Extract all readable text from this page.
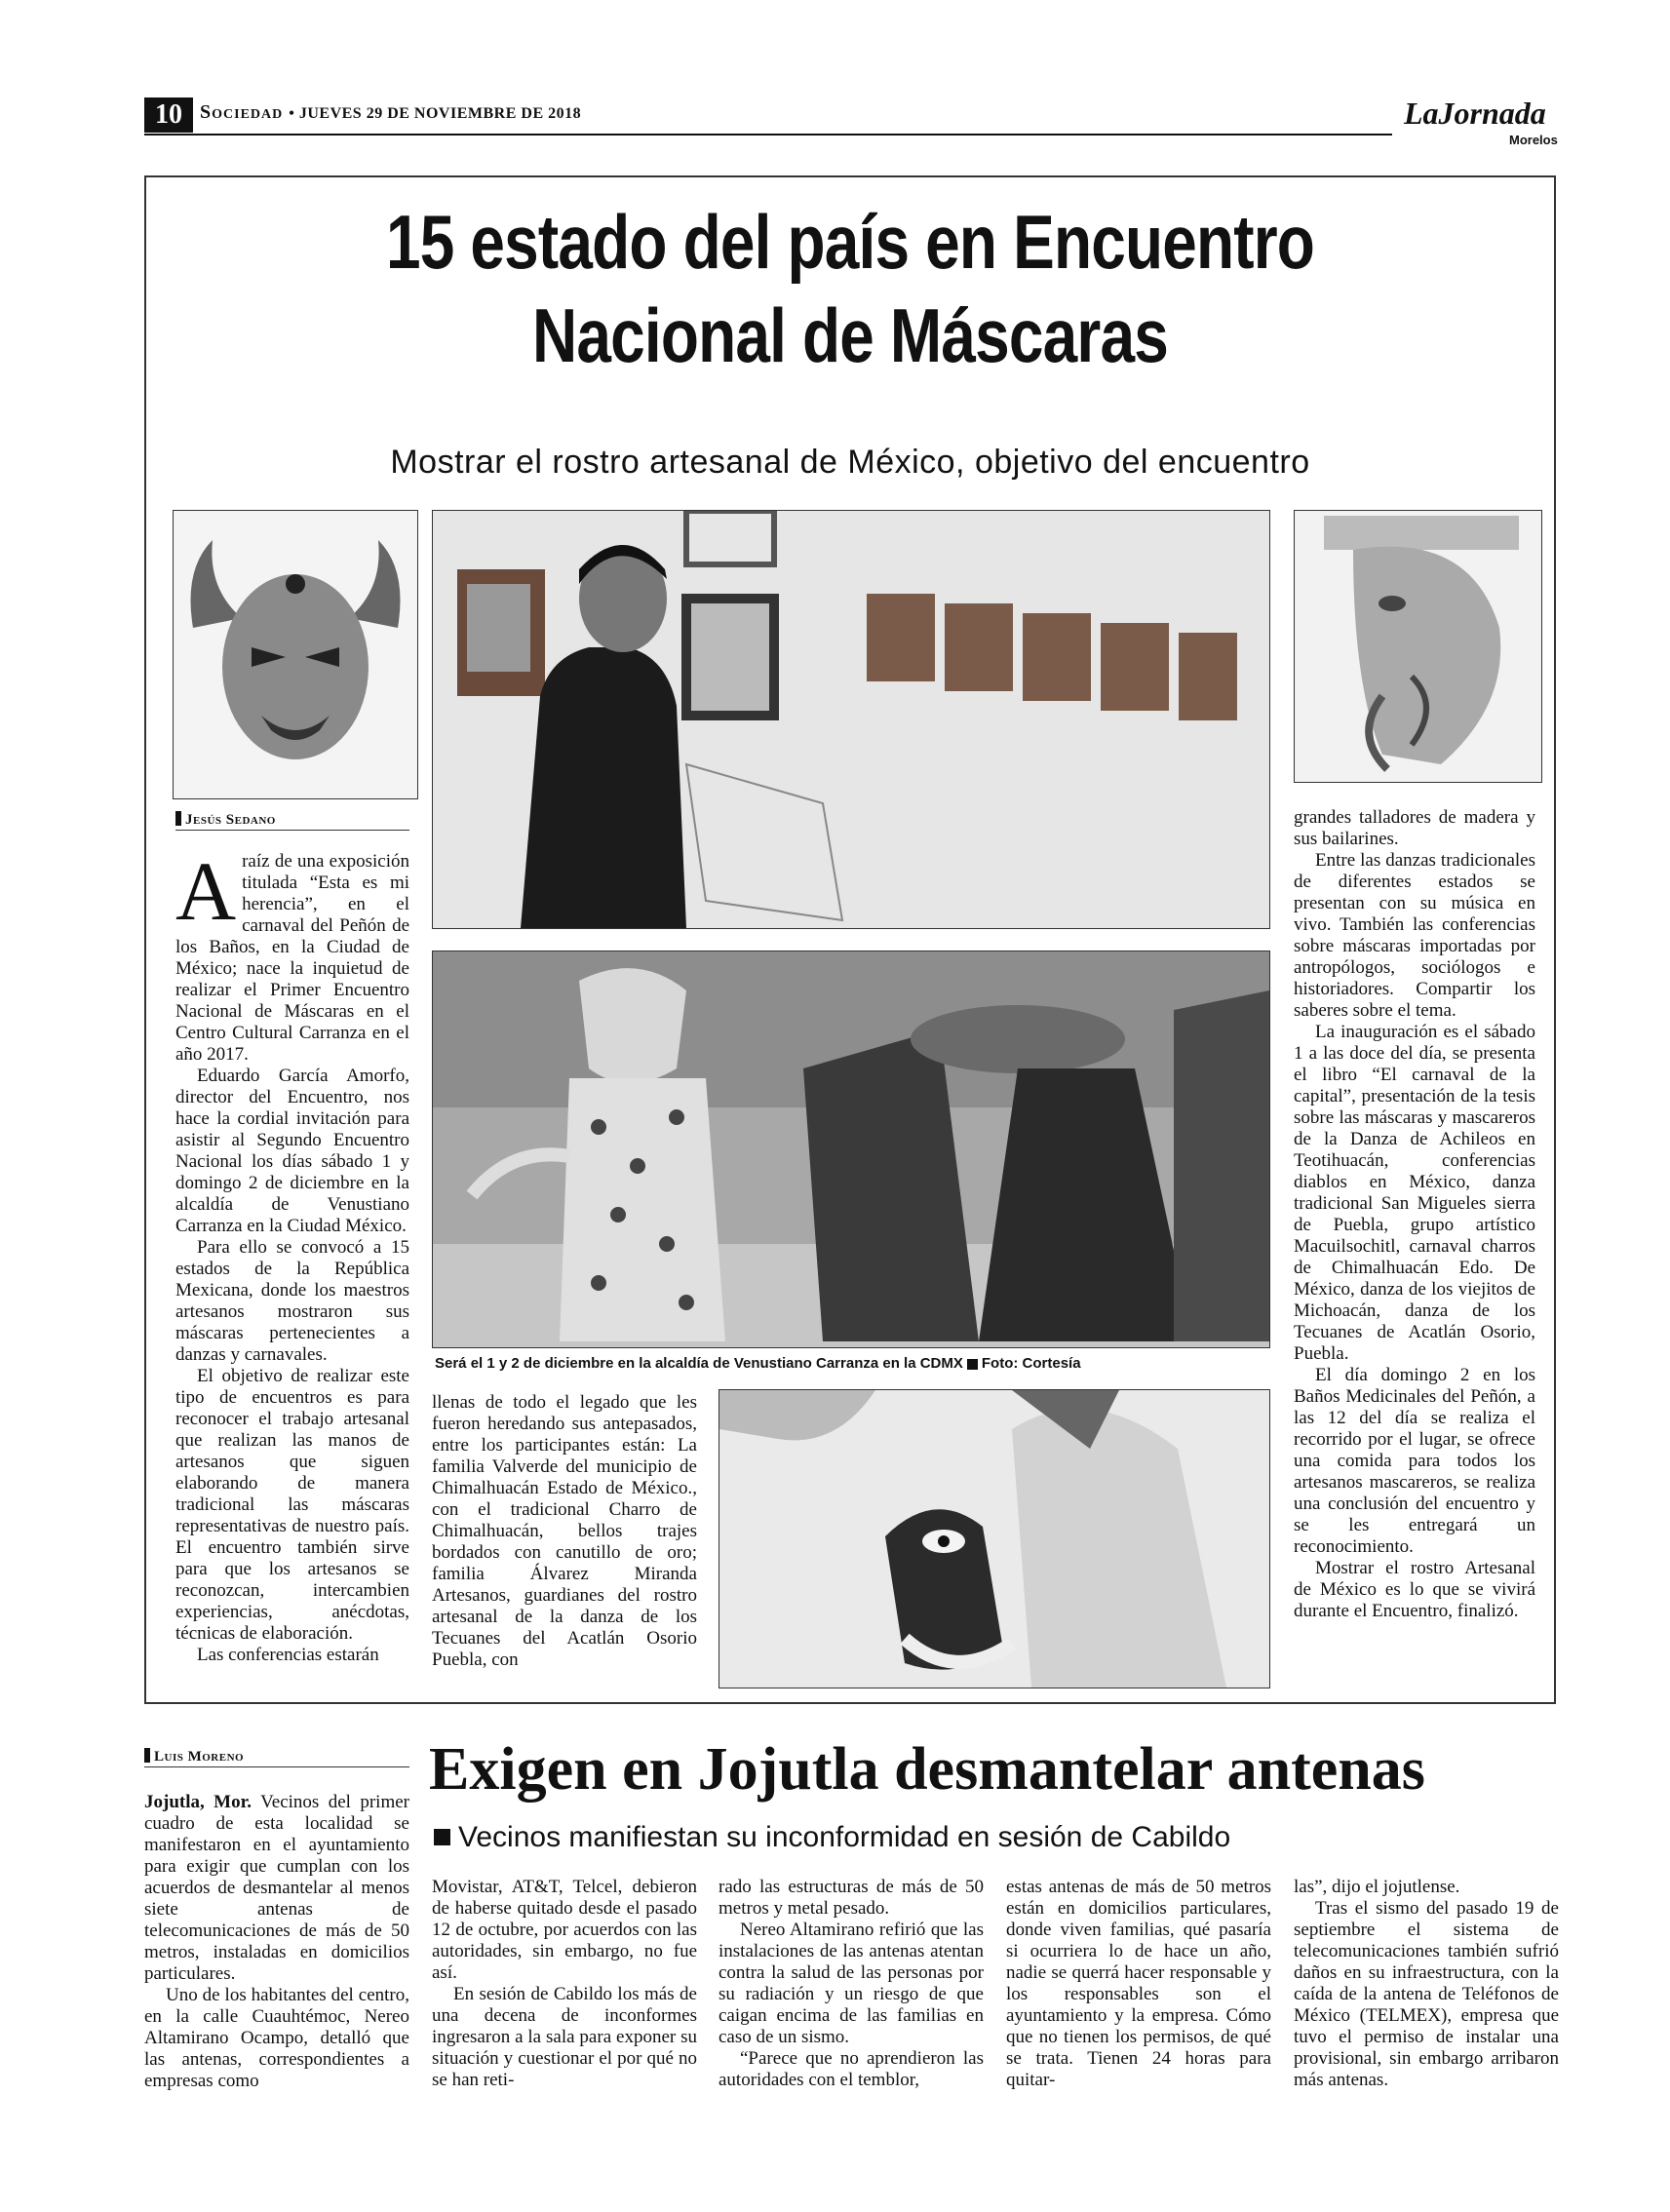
10 Sociedad • JUEVES 29 DE NOVIEMBRE DE 2018	LaJornada
Morelos
15 estado del país en Encuentro
Nacional de Máscaras
Mostrar el rostro artesanal de México, objetivo del encuentro
Será el 1 y 2 de diciembre en la alcaldía de Venustiano Carranza en la CDMX Foto: Cortesía
Jesús Sedano

Araíz de una exposición titulada “Esta es mi herencia”, en el carnaval del Peñón de los Baños, en la Ciudad de México; nace la inquietud de realizar el Primer Encuentro Nacional de Máscaras en el Centro Cultural Carranza en el año 2017.

Eduardo García Amorfo, director del Encuentro, nos hace la cordial invitación para asistir al Segundo Encuentro Nacional los días sábado 1 y domingo 2 de diciembre en la alcaldía de Venustiano Carranza en la Ciudad México.

Para ello se convocó a 15 estados de la República Mexicana, donde los maestros artesanos mostraron sus máscaras pertenecientes a danzas y carnavales.

El objetivo de realizar este tipo de encuentros es para reconocer el trabajo artesanal que realizan las manos de artesanos que siguen elaborando de manera tradicional las máscaras representativas de nuestro país. El encuentro también sirve para que los artesanos se reconozcan, intercambien experiencias, anécdotas, técnicas de elaboración.

Las conferencias estarán

llenas de todo el legado que les fueron heredando sus antepasados, entre los participantes están: La familia Valverde del municipio de Chimalhuacán Estado de México., con el tradicional Charro de Chimalhuacán, bellos trajes bordados con canutillo de oro; familia Álvarez Miranda Artesanos, guardianes del rostro artesanal de la danza de los Tecuanes del Acatlán Osorio Puebla, con

grandes talladores de madera y sus bailarines.

Entre las danzas tradicionales de diferentes estados se presentan con su música en vivo. También las conferencias sobre máscaras importadas por antropólogos, sociólogos e historiadores. Compartir los saberes sobre el tema.

La inauguración es el sábado 1 a las doce del día, se presenta el libro “El carnaval de la capital”, presentación de la tesis sobre las máscaras y mascareros de la Danza de Achileos en Teotihuacán, conferencias diablos en México, danza tradicional San Migueles sierra de Puebla, grupo artístico Macuilsochitl, carnaval charros de Chimalhuacán Edo. De México, danza de los viejitos de Michoacán, danza de los Tecuanes de Acatlán Osorio, Puebla.

El día domingo 2 en los Baños Medicinales del Peñón, a las 12 del día se realiza el recorrido por el lugar, se ofrece una comida para todos los artesanos mascareros, se realiza una conclusión del encuentro y se les entregará un reconocimiento.

Mostrar el rostro Artesanal de México es lo que se vivirá durante el Encuentro, finalizó.

Luis Moreno	Exigen en Jojutla desmantelar antenas
Vecinos manifiestan su inconformidad en sesión de Cabildo

Jojutla, Mor. Vecinos del primer cuadro de esta localidad se manifestaron en el ayuntamiento para exigir que cumplan con los acuerdos de desmantelar al menos siete antenas de telecomunicaciones de más de 50 metros, instaladas en domicilios particulares.

Uno de los habitantes del centro, en la calle Cuauhtémoc, Nereo Altamirano Ocampo, detalló que las antenas, correspondientes a empresas como

Movistar, AT&T, Telcel, debieron de haberse quitado desde el pasado 12 de octubre, por acuerdos con las autoridades, sin embargo, no fue así.

En sesión de Cabildo los más de una decena de inconformes ingresaron a la sala para exponer su situación y cuestionar el por qué no se han reti-

rado las estructuras de más de 50 metros y metal pesado.

Nereo Altamirano refirió que las instalaciones de las antenas atentan contra la salud de las personas por su radiación y un riesgo de que caigan encima de las familias en caso de un sismo.

“Parece que no aprendieron las autoridades con el temblor,

estas antenas de más de 50 metros están en domicilios particulares, donde viven familias, qué pasaría si ocurriera lo de hace un año, nadie se querrá hacer responsable y los responsables son el ayuntamiento y la empresa. Cómo que no tienen los permisos, de qué se trata. Tienen 24 horas para quitar-

las”, dijo el jojutlense.

Tras el sismo del pasado 19 de septiembre el sistema de telecomunicaciones también sufrió daños en su infraestructura, con la caída de la antena de Teléfonos de México (TELMEX), empresa que tuvo el permiso de instalar una provisional, sin embargo arribaron más antenas.
